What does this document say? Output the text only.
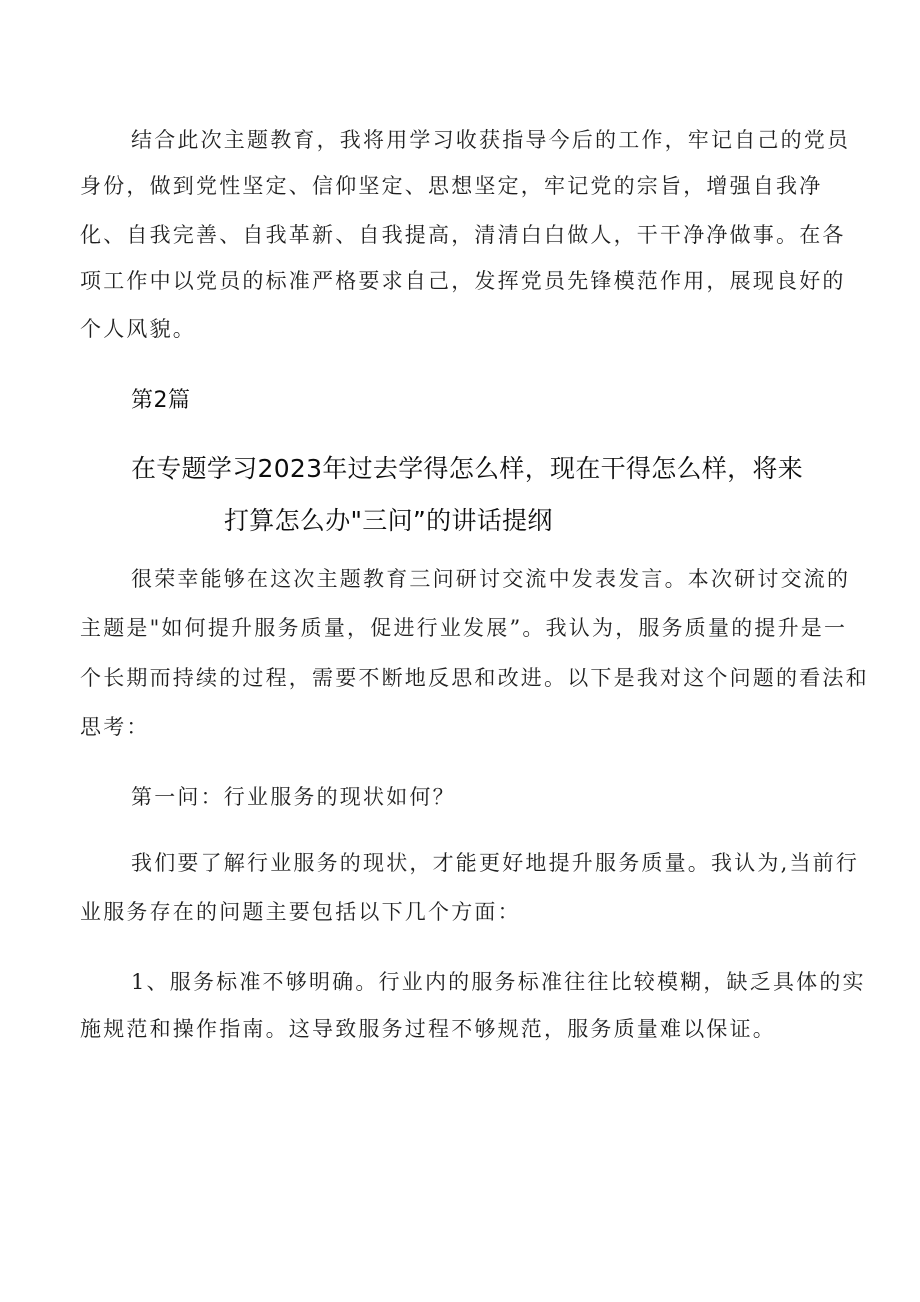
结合此次主题教育，我将用学习收获指导今后的工作，牢记自己的党员
身份，做到党性坚定、信仰坚定、思想坚定，牢记党的宗旨，增强自我净
化、自我完善、自我革新、自我提高，清清白白做人，干干净净做事。在各
项工作中以党员的标准严格要求自己，发挥党员先锋模范作用，展现良好的
个人风貌。
第2篇
在专题学习2023年过去学得怎么样，现在干得怎么样，将来
打算怎么办"三问”的讲话提纲
很荣幸能够在这次主题教育三问研讨交流中发表发言。本次研讨交流的
主题是"如何提升服务质量，促进行业发展”。我认为，服务质量的提升是一
个长期而持续的过程，需要不断地反思和改进。以下是我对这个问题的看法和
思考：
第一问：行业服务的现状如何？
我们要了解行业服务的现状，才能更好地提升服务质量。我认为,当前行
业服务存在的问题主要包括以下几个方面：
1、服务标准不够明确。行业内的服务标准往往比较模糊，缺乏具体的实
施规范和操作指南。这导致服务过程不够规范，服务质量难以保证。
